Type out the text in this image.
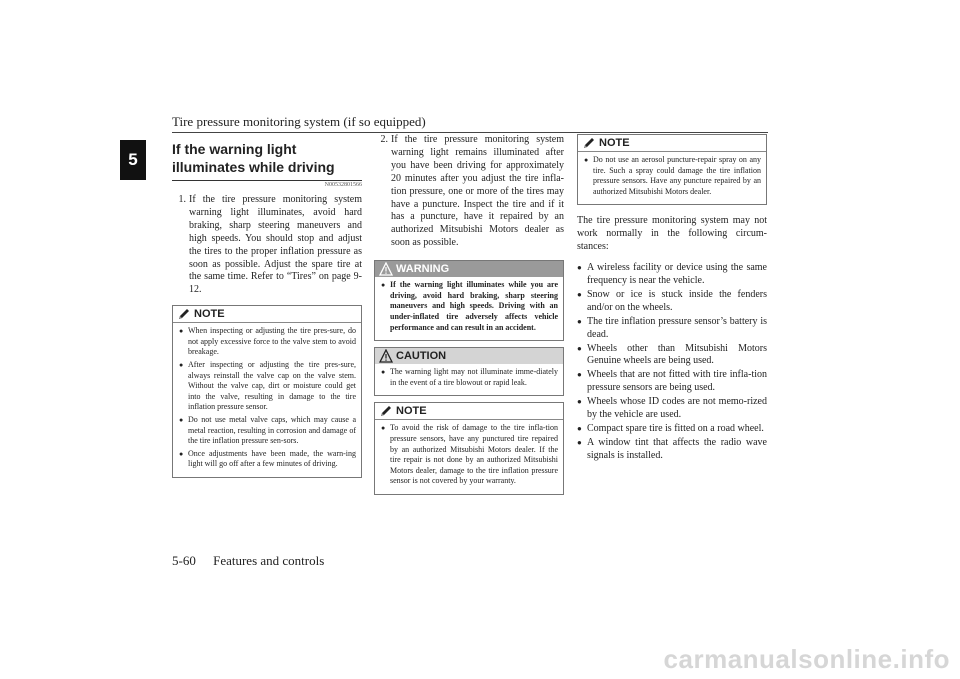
Tire pressure monitoring system (if so equipped)
5
If the warning light illuminates while driving
N00532801566
1. If the tire pressure monitoring system warning light illuminates, avoid hard braking, sharp steering maneuvers and high speeds. You should stop and adjust the tires to the proper inflation pressure as soon as possible. Adjust the spare tire at the same time. Refer to “Tires” on page 9-12.
NOTE
● When inspecting or adjusting the tire pres-sure, do not apply excessive force to the valve stem to avoid breakage.
● After inspecting or adjusting the tire pres-sure, always reinstall the valve cap on the valve stem. Without the valve cap, dirt or moisture could get into the valve, resulting in damage to the tire inflation pressure sensor.
● Do not use metal valve caps, which may cause a metal reaction, resulting in corrosion and damage of the tire inflation pressure sen-sors.
● Once adjustments have been made, the warn-ing light will go off after a few minutes of driving.
2. If the tire pressure monitoring system warning light remains illuminated after you have been driving for approximately 20 minutes after you adjust the tire infla-tion pressure, one or more of the tires may have a puncture. Inspect the tire and if it has a puncture, have it repaired by an authorized Mitsubishi Motors dealer as soon as possible.
WARNING
● If the warning light illuminates while you are driving, avoid hard braking, sharp steering maneuvers and high speeds. Driving with an under-inflated tire adversely affects vehicle performance and can result in an accident.
CAUTION
● The warning light may not illuminate imme-diately in the event of a tire blowout or rapid leak.
NOTE
● To avoid the risk of damage to the tire infla-tion pressure sensors, have any punctured tire repaired by an authorized Mitsubishi Motors dealer. If the tire repair is not done by an authorized Mitsubishi Motors dealer, damage to the tire inflation pressure sensor is not covered by your warranty.
NOTE
● Do not use an aerosol puncture-repair spray on any tire. Such a spray could damage the tire inflation pressure sensors. Have any puncture repaired by an authorized Mitsubishi Motors dealer.
The tire pressure monitoring system may not work normally in the following circum-stances:
● A wireless facility or device using the same frequency is near the vehicle.
● Snow or ice is stuck inside the fenders and/or on the wheels.
● The tire inflation pressure sensor’s battery is dead.
● Wheels other than Mitsubishi Motors Genuine wheels are being used.
● Wheels that are not fitted with tire infla-tion pressure sensors are being used.
● Wheels whose ID codes are not memo-rized by the vehicle are used.
● Compact spare tire is fitted on a road wheel.
● A window tint that affects the radio wave signals is installed.
5-60 Features and controls
carmanualsonline.info
